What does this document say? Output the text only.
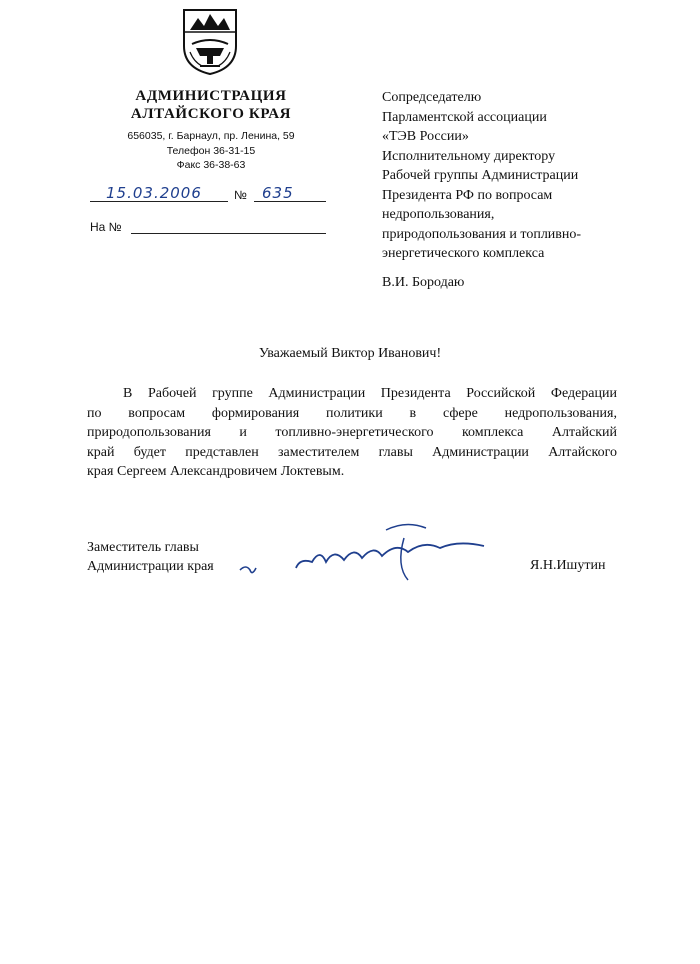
АДМИНИСТРАЦИЯ
АЛТАЙСКОГО КРАЯ
656035, г. Барнаул, пр. Ленина, 59
Телефон 36-31-15
Факс 36-38-63
15.03.2006	№ 635
На №
Сопредседателю
Парламентской ассоциации
«ТЭВ России»
Исполнительному директору
Рабочей группы Администрации
Президента РФ по вопросам
недропользования,
природопользования и топливно-
энергетического комплекса
В.И. Бородаю
Уважаемый Виктор Иванович!
В Рабочей группе Администрации Президента Российской Федерации
по вопросам формирования политики в сфере недропользования,
природопользования и топливно-энергетического комплекса Алтайский
край будет представлен заместителем главы Администрации Алтайского
края Сергеем Александровичем Локтевым.
Заместитель главы
Администрации края	Я.Н.Ишутин
